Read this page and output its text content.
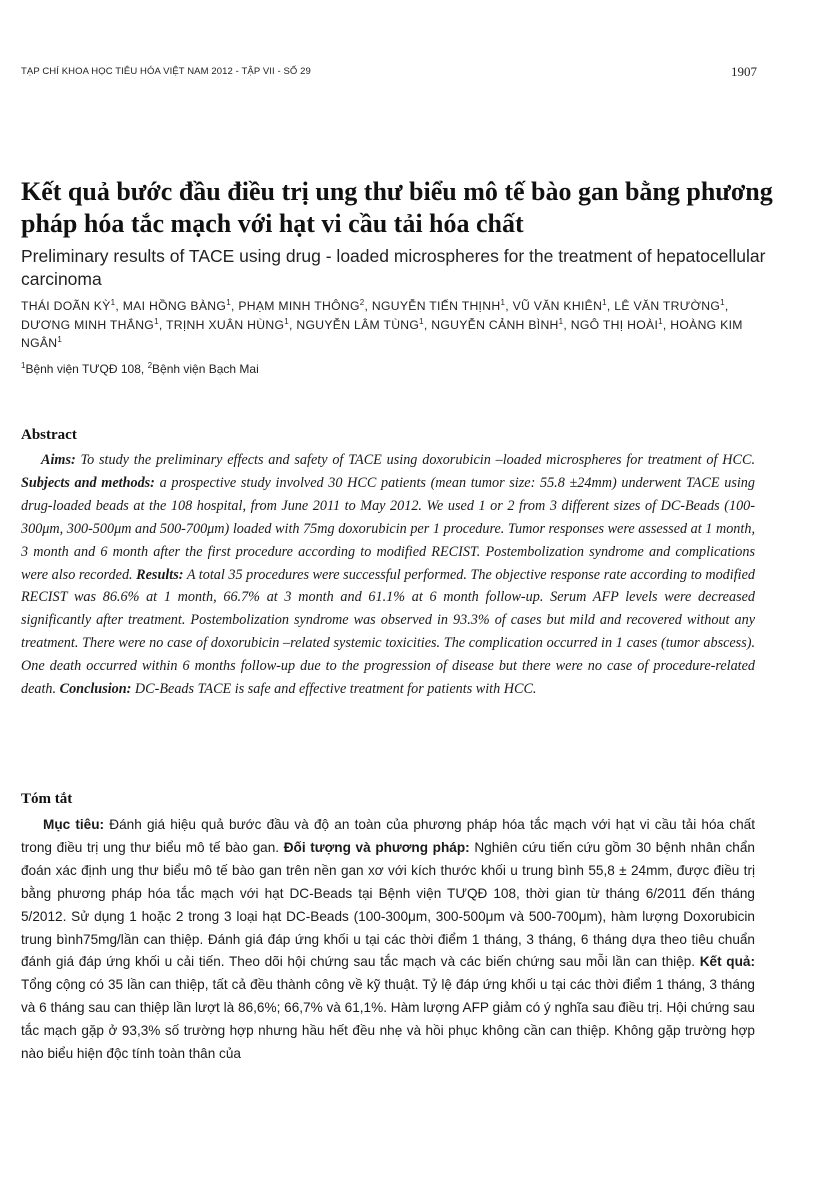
TẠP CHÍ KHOA HỌC TIÊU HÓA VIỆT NAM 2012 - TẬP VII - SỐ 29	1907
Kết quả bước đầu điều trị ung thư biểu mô tế bào gan bằng phương pháp hóa tắc mạch với hạt vi cầu tải hóa chất
Preliminary results of TACE using drug - loaded microspheres for the treatment of hepatocellular carcinoma
THÁI DOÃN KỲ$^1$, MAI HỒNG BÀNG$^1$, PHẠM MINH THÔNG$^2$, NGUYỄN TIẾN THỊNH$^1$, VŨ VĂN KHIÊN$^1$, LÊ VĂN TRƯỜNG$^1$, DƯƠNG MINH THẮNG$^1$, TRỊNH XUÂN HÙNG$^1$, NGUYỄN LÂM TÙNG$^1$, NGUYỄN CẢNH BÌNH$^1$, NGÔ THỊ HOÀI$^1$, HOÀNG KIM NGÂN$^1$
$^1$Bệnh viện TƯQĐ 108, $^2$Bệnh viện Bạch Mai
Abstract
Aims: To study the preliminary effects and safety of TACE using doxorubicin –loaded microspheres for treatment of HCC. Subjects and methods: a prospective study involved 30 HCC patients (mean tumor size: 55.8 ±24mm) underwent TACE using drug-loaded beads at the 108 hospital, from June 2011 to May 2012. We used 1 or 2 from 3 different sizes of DC-Beads (100-300μm, 300-500μm and 500-700μm) loaded with 75mg doxorubicin per 1 procedure. Tumor responses were assessed at 1 month, 3 month and 6 month after the first procedure according to modified RECIST. Postembolization syndrome and complications were also recorded. Results: A total 35 procedures were successful performed. The objective response rate according to modified RECIST was 86.6% at 1 month, 66.7% at 3 month and 61.1% at 6 month follow-up. Serum AFP levels were decreased significantly after treatment. Postembolization syndrome was observed in 93.3% of cases but mild and recovered without any treatment. There were no case of doxorubicin –related systemic toxicities. The complication occurred in 1 cases (tumor abscess). One death occurred within 6 months follow-up due to the progression of disease but there were no case of procedure-related death. Conclusion: DC-Beads TACE is safe and effective treatment for patients with HCC.
Tóm tắt
Mục tiêu: Đánh giá hiệu quả bước đầu và độ an toàn của phương pháp hóa tắc mạch với hạt vi cầu tải hóa chất trong điều trị ung thư biểu mô tế bào gan. Đối tượng và phương pháp: Nghiên cứu tiến cứu gồm 30 bệnh nhân chẩn đoán xác định ung thư biểu mô tế bào gan trên nền gan xơ với kích thước khối u trung bình 55,8 ± 24mm, được điều trị bằng phương pháp hóa tắc mạch với hạt DC-Beads tại Bệnh viện TƯQĐ 108, thời gian từ tháng 6/2011 đến tháng 5/2012. Sử dụng 1 hoặc 2 trong 3 loại hạt DC-Beads (100-300μm, 300-500μm và 500-700μm), hàm lượng Doxorubicin trung bình75mg/lần can thiệp. Đánh giá đáp ứng khối u tại các thời điểm 1 tháng, 3 tháng, 6 tháng dựa theo tiêu chuẩn đánh giá đáp ứng khối u cải tiến. Theo dõi hội chứng sau tắc mạch và các biến chứng sau mỗi lần can thiệp. Kết quả: Tổng cộng có 35 lần can thiệp, tất cả đều thành công về kỹ thuật. Tỷ lệ đáp ứng khối u tại các thời điểm 1 tháng, 3 tháng và 6 tháng sau can thiệp lần lượt là 86,6%; 66,7% và 61,1%. Hàm lượng AFP giảm có ý nghĩa sau điều trị. Hội chứng sau tắc mạch gặp ở 93,3% số trường hợp nhưng hầu hết đều nhẹ và hồi phục không cần can thiệp. Không gặp trường hợp nào biểu hiện độc tính toàn thân của
